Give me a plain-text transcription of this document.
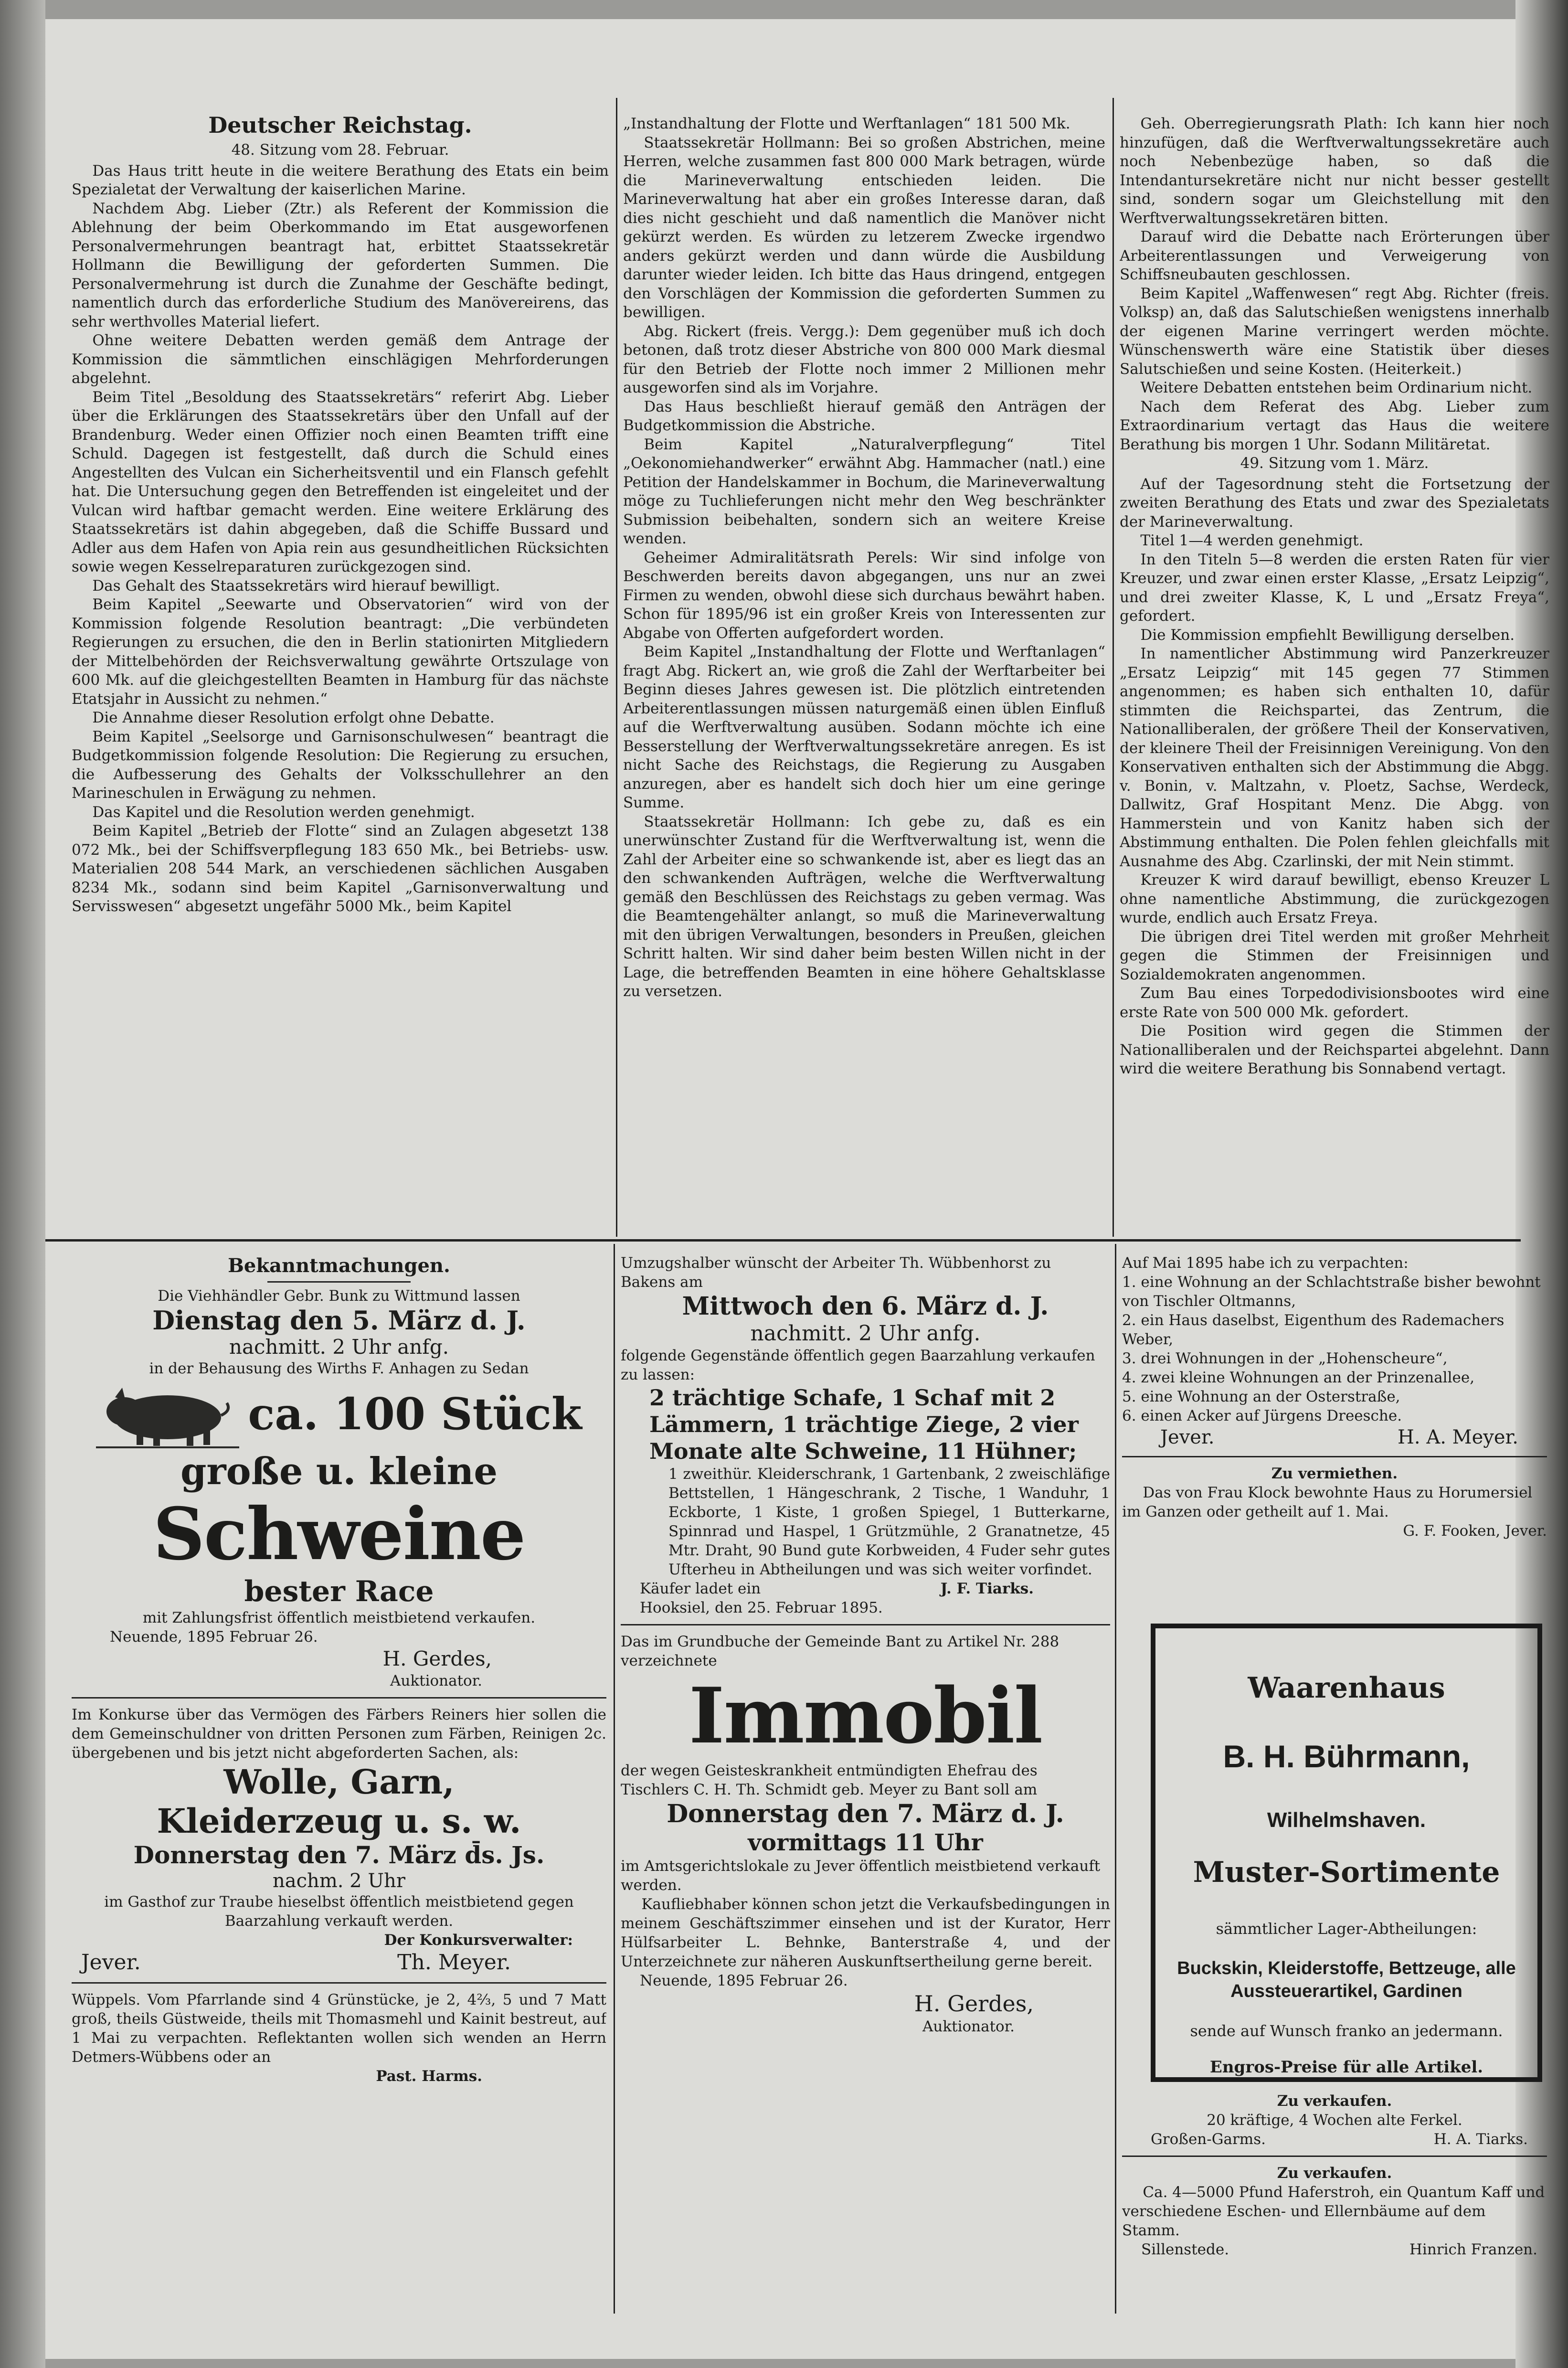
Deutscher Reichstag.

48. Sitzung vom 28. Februar.

Das Haus tritt heute in die weitere Berathung des Etats ein beim Spezialetat der Verwaltung der kaiserlichen Marine.

Nachdem Abg. Lieber (Ztr.) als Referent der Kommission die Ablehnung der beim Oberkommando im Etat ausgeworfenen Personalvermehrungen beantragt hat, erbittet Staatssekretär Hollmann die Bewilligung der geforderten Summen. Die Personalvermehrung ist durch die Zunahme der Geschäfte bedingt, namentlich durch das erforderliche Studium des Manövereirens, das sehr werthvolles Material liefert.

Ohne weitere Debatten werden gemäß dem Antrage der Kommission die sämmtlichen einschlägigen Mehrforderungen abgelehnt.

Beim Titel „Besoldung des Staatssekretärs“ referirt Abg. Lieber über die Erklärungen des Staatssekretärs über den Unfall auf der Brandenburg. Weder einen Offizier noch einen Beamten trifft eine Schuld. Dagegen ist festgestellt, daß durch die Schuld eines Angestellten des Vulcan ein Sicherheitsventil und ein Flansch gefehlt hat. Die Untersuchung gegen den Betreffenden ist eingeleitet und der Vulcan wird haftbar gemacht werden. Eine weitere Erklärung des Staatssekretärs ist dahin abgegeben, daß die Schiffe Bussard und Adler aus dem Hafen von Apia rein aus gesundheitlichen Rücksichten sowie wegen Kesselreparaturen zurückgezogen sind.

Das Gehalt des Staatssekretärs wird hierauf bewilligt.

Beim Kapitel „Seewarte und Observatorien“ wird von der Kommission folgende Resolution beantragt: „Die verbündeten Regierungen zu ersuchen, die den in Berlin stationirten Mitgliedern der Mittelbehörden der Reichsverwaltung gewährte Ortszulage von 600 Mk. auf die gleichgestellten Beamten in Hamburg für das nächste Etatsjahr in Aussicht zu nehmen.“

Die Annahme dieser Resolution erfolgt ohne Debatte.

Beim Kapitel „Seelsorge und Garnisonschulwesen“ beantragt die Budgetkommission folgende Resolution: Die Regierung zu ersuchen, die Aufbesserung des Gehalts der Volksschullehrer an den Marineschulen in Erwägung zu nehmen.

Das Kapitel und die Resolution werden genehmigt.

Beim Kapitel „Betrieb der Flotte“ sind an Zulagen abgesetzt 138 072 Mk., bei der Schiffsverpflegung 183 650 Mk., bei Betriebs- usw. Materialien 208 544 Mark, an verschiedenen sächlichen Ausgaben 8234 Mk., sodann sind beim Kapitel „Garnisonverwaltung und Servisswesen“ abgesetzt ungefähr 5000 Mk., beim Kapitel

„Instandhaltung der Flotte und Werftanlagen“ 181 500 Mk.

Staatssekretär Hollmann: Bei so großen Abstrichen, meine Herren, welche zusammen fast 800 000 Mark betragen, würde die Marineverwaltung entschieden leiden. Die Marineverwaltung hat aber ein großes Interesse daran, daß dies nicht geschieht und daß namentlich die Manöver nicht gekürzt werden. Es würden zu letzerem Zwecke irgendwo anders gekürzt werden und dann würde die Ausbildung darunter wieder leiden. Ich bitte das Haus dringend, entgegen den Vorschlägen der Kommission die geforderten Summen zu bewilligen.

Abg. Rickert (freis. Vergg.): Dem gegenüber muß ich doch betonen, daß trotz dieser Abstriche von 800 000 Mark diesmal für den Betrieb der Flotte noch immer 2 Millionen mehr ausgeworfen sind als im Vorjahre.

Das Haus beschließt hierauf gemäß den Anträgen der Budgetkommission die Abstriche.

Beim Kapitel „Naturalverpflegung“ Titel „Oekonomiehandwerker“ erwähnt Abg. Hammacher (natl.) eine Petition der Handelskammer in Bochum, die Marineverwaltung möge zu Tuchlieferungen nicht mehr den Weg beschränkter Submission beibehalten, sondern sich an weitere Kreise wenden.

Geheimer Admiralitätsrath Perels: Wir sind infolge von Beschwerden bereits davon abgegangen, uns nur an zwei Firmen zu wenden, obwohl diese sich durchaus bewährt haben. Schon für 1895/96 ist ein großer Kreis von Interessenten zur Abgabe von Offerten aufgefordert worden.

Beim Kapitel „Instandhaltung der Flotte und Werftanlagen“ fragt Abg. Rickert an, wie groß die Zahl der Werftarbeiter bei Beginn dieses Jahres gewesen ist. Die plötzlich eintretenden Arbeiterentlassungen müssen naturgemäß einen üblen Einfluß auf die Werftverwaltung ausüben. Sodann möchte ich eine Besserstellung der Werftverwaltungssekretäre anregen. Es ist nicht Sache des Reichstags, die Regierung zu Ausgaben anzuregen, aber es handelt sich doch hier um eine geringe Summe.

Staatssekretär Hollmann: Ich gebe zu, daß es ein unerwünschter Zustand für die Werftverwaltung ist, wenn die Zahl der Arbeiter eine so schwankende ist, aber es liegt das an den schwankenden Aufträgen, welche die Werftverwaltung gemäß den Beschlüssen des Reichstags zu geben vermag. Was die Beamtengehälter anlangt, so muß die Marineverwaltung mit den übrigen Verwaltungen, besonders in Preußen, gleichen Schritt halten. Wir sind daher beim besten Willen nicht in der Lage, die betreffenden Beamten in eine höhere Gehaltsklasse zu versetzen.

Geh. Oberregierungsrath Plath: Ich kann hier noch hinzufügen, daß die Werftverwaltungssekretäre auch noch Nebenbezüge haben, so daß die Intendantursekretäre nicht nur nicht besser gestellt sind, sondern sogar um Gleichstellung mit den Werftverwaltungssekretären bitten.

Darauf wird die Debatte nach Erörterungen über Arbeiterentlassungen und Verweigerung von Schiffsneubauten geschlossen.

Beim Kapitel „Waffenwesen“ regt Abg. Richter (freis. Volksp) an, daß das Salutschießen wenigstens innerhalb der eigenen Marine verringert werden möchte. Wünschenswerth wäre eine Statistik über dieses Salutschießen und seine Kosten. (Heiterkeit.)

Weitere Debatten entstehen beim Ordinarium nicht.

Nach dem Referat des Abg. Lieber zum Extraordinarium vertagt das Haus die weitere Berathung bis morgen 1 Uhr. Sodann Militäretat.

49. Sitzung vom 1. März.

Auf der Tagesordnung steht die Fortsetzung der zweiten Berathung des Etats und zwar des Spezialetats der Marineverwaltung.

Titel 1—4 werden genehmigt.

In den Titeln 5—8 werden die ersten Raten für vier Kreuzer, und zwar einen erster Klasse, „Ersatz Leipzig“, und drei zweiter Klasse, K, L und „Ersatz Freya“, gefordert.

Die Kommission empfiehlt Bewilligung derselben.

In namentlicher Abstimmung wird Panzerkreuzer „Ersatz Leipzig“ mit 145 gegen 77 Stimmen angenommen; es haben sich enthalten 10, dafür stimmten die Reichspartei, das Zentrum, die Nationalliberalen, der größere Theil der Konservativen, der kleinere Theil der Freisinnigen Vereinigung. Von den Konservativen enthalten sich der Abstimmung die Abgg. v. Bonin, v. Maltzahn, v. Ploetz, Sachse, Werdeck, Dallwitz, Graf Hospitant Menz. Die Abgg. von Hammerstein und von Kanitz haben sich der Abstimmung enthalten. Die Polen fehlen gleichfalls mit Ausnahme des Abg. Czarlinski, der mit Nein stimmt.

Kreuzer K wird darauf bewilligt, ebenso Kreuzer L ohne namentliche Abstimmung, die zurückgezogen wurde, endlich auch Ersatz Freya.

Die übrigen drei Titel werden mit großer Mehrheit gegen die Stimmen der Freisinnigen und Sozialdemokraten angenommen.

Zum Bau eines Torpedodivisionsbootes wird eine erste Rate von 500 000 Mk. gefordert.

Die Position wird gegen die Stimmen der Nationalliberalen und der Reichspartei abgelehnt. Dann wird die weitere Berathung bis Sonnabend vertagt.

Bekanntmachungen.

Die Viehhändler Gebr. Bunk zu Wittmund lassen

Dienstag den 5. März d. J.

nachmitt. 2 Uhr anfg.

in der Behausung des Wirths F. Anhagen zu Sedan

ca. 100 Stück

große u. kleine

Schweine

bester Race

mit Zahlungsfrist öffentlich meistbietend verkaufen.

Neuende, 1895 Februar 26.

H. Gerdes,

Auktionator.

Im Konkurse über das Vermögen des Färbers Reiners hier sollen die dem Gemeinschuldner von dritten Personen zum Färben, Reinigen 2c. übergebenen und bis jetzt nicht abgeforderten Sachen, als:

Wolle, Garn,

Kleiderzeug u. s. w.

Donnerstag den 7. März d̄s. Js.

nachm. 2 Uhr

im Gasthof zur Traube hieselbst öffentlich meistbietend gegen Baarzahlung verkauft werden.

Der Konkursverwalter:

Jever.	Th. Meyer.

Wüppels. Vom Pfarrlande sind 4 Grünstücke, je 2, 4⅔, 5 und 7 Matt groß, theils Güstweide, theils mit Thomasmehl und Kainit bestreut, auf 1 Mai zu verpachten. Reflektanten wollen sich wenden an Herrn Detmers-Wübbens oder an

Past. Harms.

Umzugshalber wünscht der Arbeiter Th. Wübbenhorst zu Bakens am

Mittwoch den 6. März d. J.

nachmitt. 2 Uhr anfg.

folgende Gegenstände öffentlich gegen Baarzahlung verkaufen zu lassen:

2 trächtige Schafe, 1 Schaf mit 2 Lämmern, 1 trächtige Ziege, 2 vier Monate alte Schweine, 11 Hühner;

1 zweithür. Kleiderschrank, 1 Gartenbank, 2 zweischläfige Bettstellen, 1 Hängeschrank, 2 Tische, 1 Wanduhr, 1 Eckborte, 1 Kiste, 1 großen Spiegel, 1 Butterkarne, Spinnrad und Haspel, 1 Grützmühle, 2 Granatnetze, 45 Mtr. Draht, 90 Bund gute Korbweiden, 4 Fuder sehr gutes Ufterheu in Abtheilungen und was sich weiter vorfindet.

Käufer ladet ein	J. F. Tiarks.

Hooksiel, den 25. Februar 1895.

Das im Grundbuche der Gemeinde Bant zu Artikel Nr. 288 verzeichnete

Immobil

der wegen Geisteskrankheit entmündigten Ehefrau des Tischlers C. H. Th. Schmidt geb. Meyer zu Bant soll am

Donnerstag den 7. März d. J.

vormittags 11 Uhr

im Amtsgerichtslokale zu Jever öffentlich meistbietend verkauft werden.

Kaufliebhaber können schon jetzt die Verkaufsbedingungen in meinem Geschäftszimmer einsehen und ist der Kurator, Herr Hülfsarbeiter L. Behnke, Banterstraße 4, und der Unterzeichnete zur näheren Auskunftsertheilung gerne bereit.

Neuende, 1895 Februar 26.

H. Gerdes,

Auktionator.

Auf Mai 1895 habe ich zu verpachten:

1. eine Wohnung an der Schlachtstraße bisher bewohnt von Tischler Oltmanns,

2. ein Haus daselbst, Eigenthum des Rademachers Weber,

3. drei Wohnungen in der „Hohenscheure“,

4. zwei kleine Wohnungen an der Prinzenallee,

5. eine Wohnung an der Osterstraße,

6. einen Acker auf Jürgens Dreesche.

Jever.	H. A. Meyer.

Zu vermiethen.

Das von Frau Klock bewohnte Haus zu Horumersiel im Ganzen oder getheilt auf 1. Mai.

G. F. Fooken, Jever.

Waarenhaus

B. H. Bührmann,

Wilhelmshaven.

Muster-Sortimente

sämmtlicher Lager-Abtheilungen:

Buckskin, Kleiderstoffe, Bettzeuge, alle Aussteuerartikel, Gardinen

sende auf Wunsch franko an jedermann.

Engros-Preise für alle Artikel.

Zu verkaufen.

20 kräftige, 4 Wochen alte Ferkel.

Großen-Garms.	H. A. Tiarks.

Zu verkaufen.

Ca. 4—5000 Pfund Haferstroh, ein Quantum Kaff und verschiedene Eschen- und Ellernbäume auf dem Stamm.

Sillenstede.	Hinrich Franzen.
